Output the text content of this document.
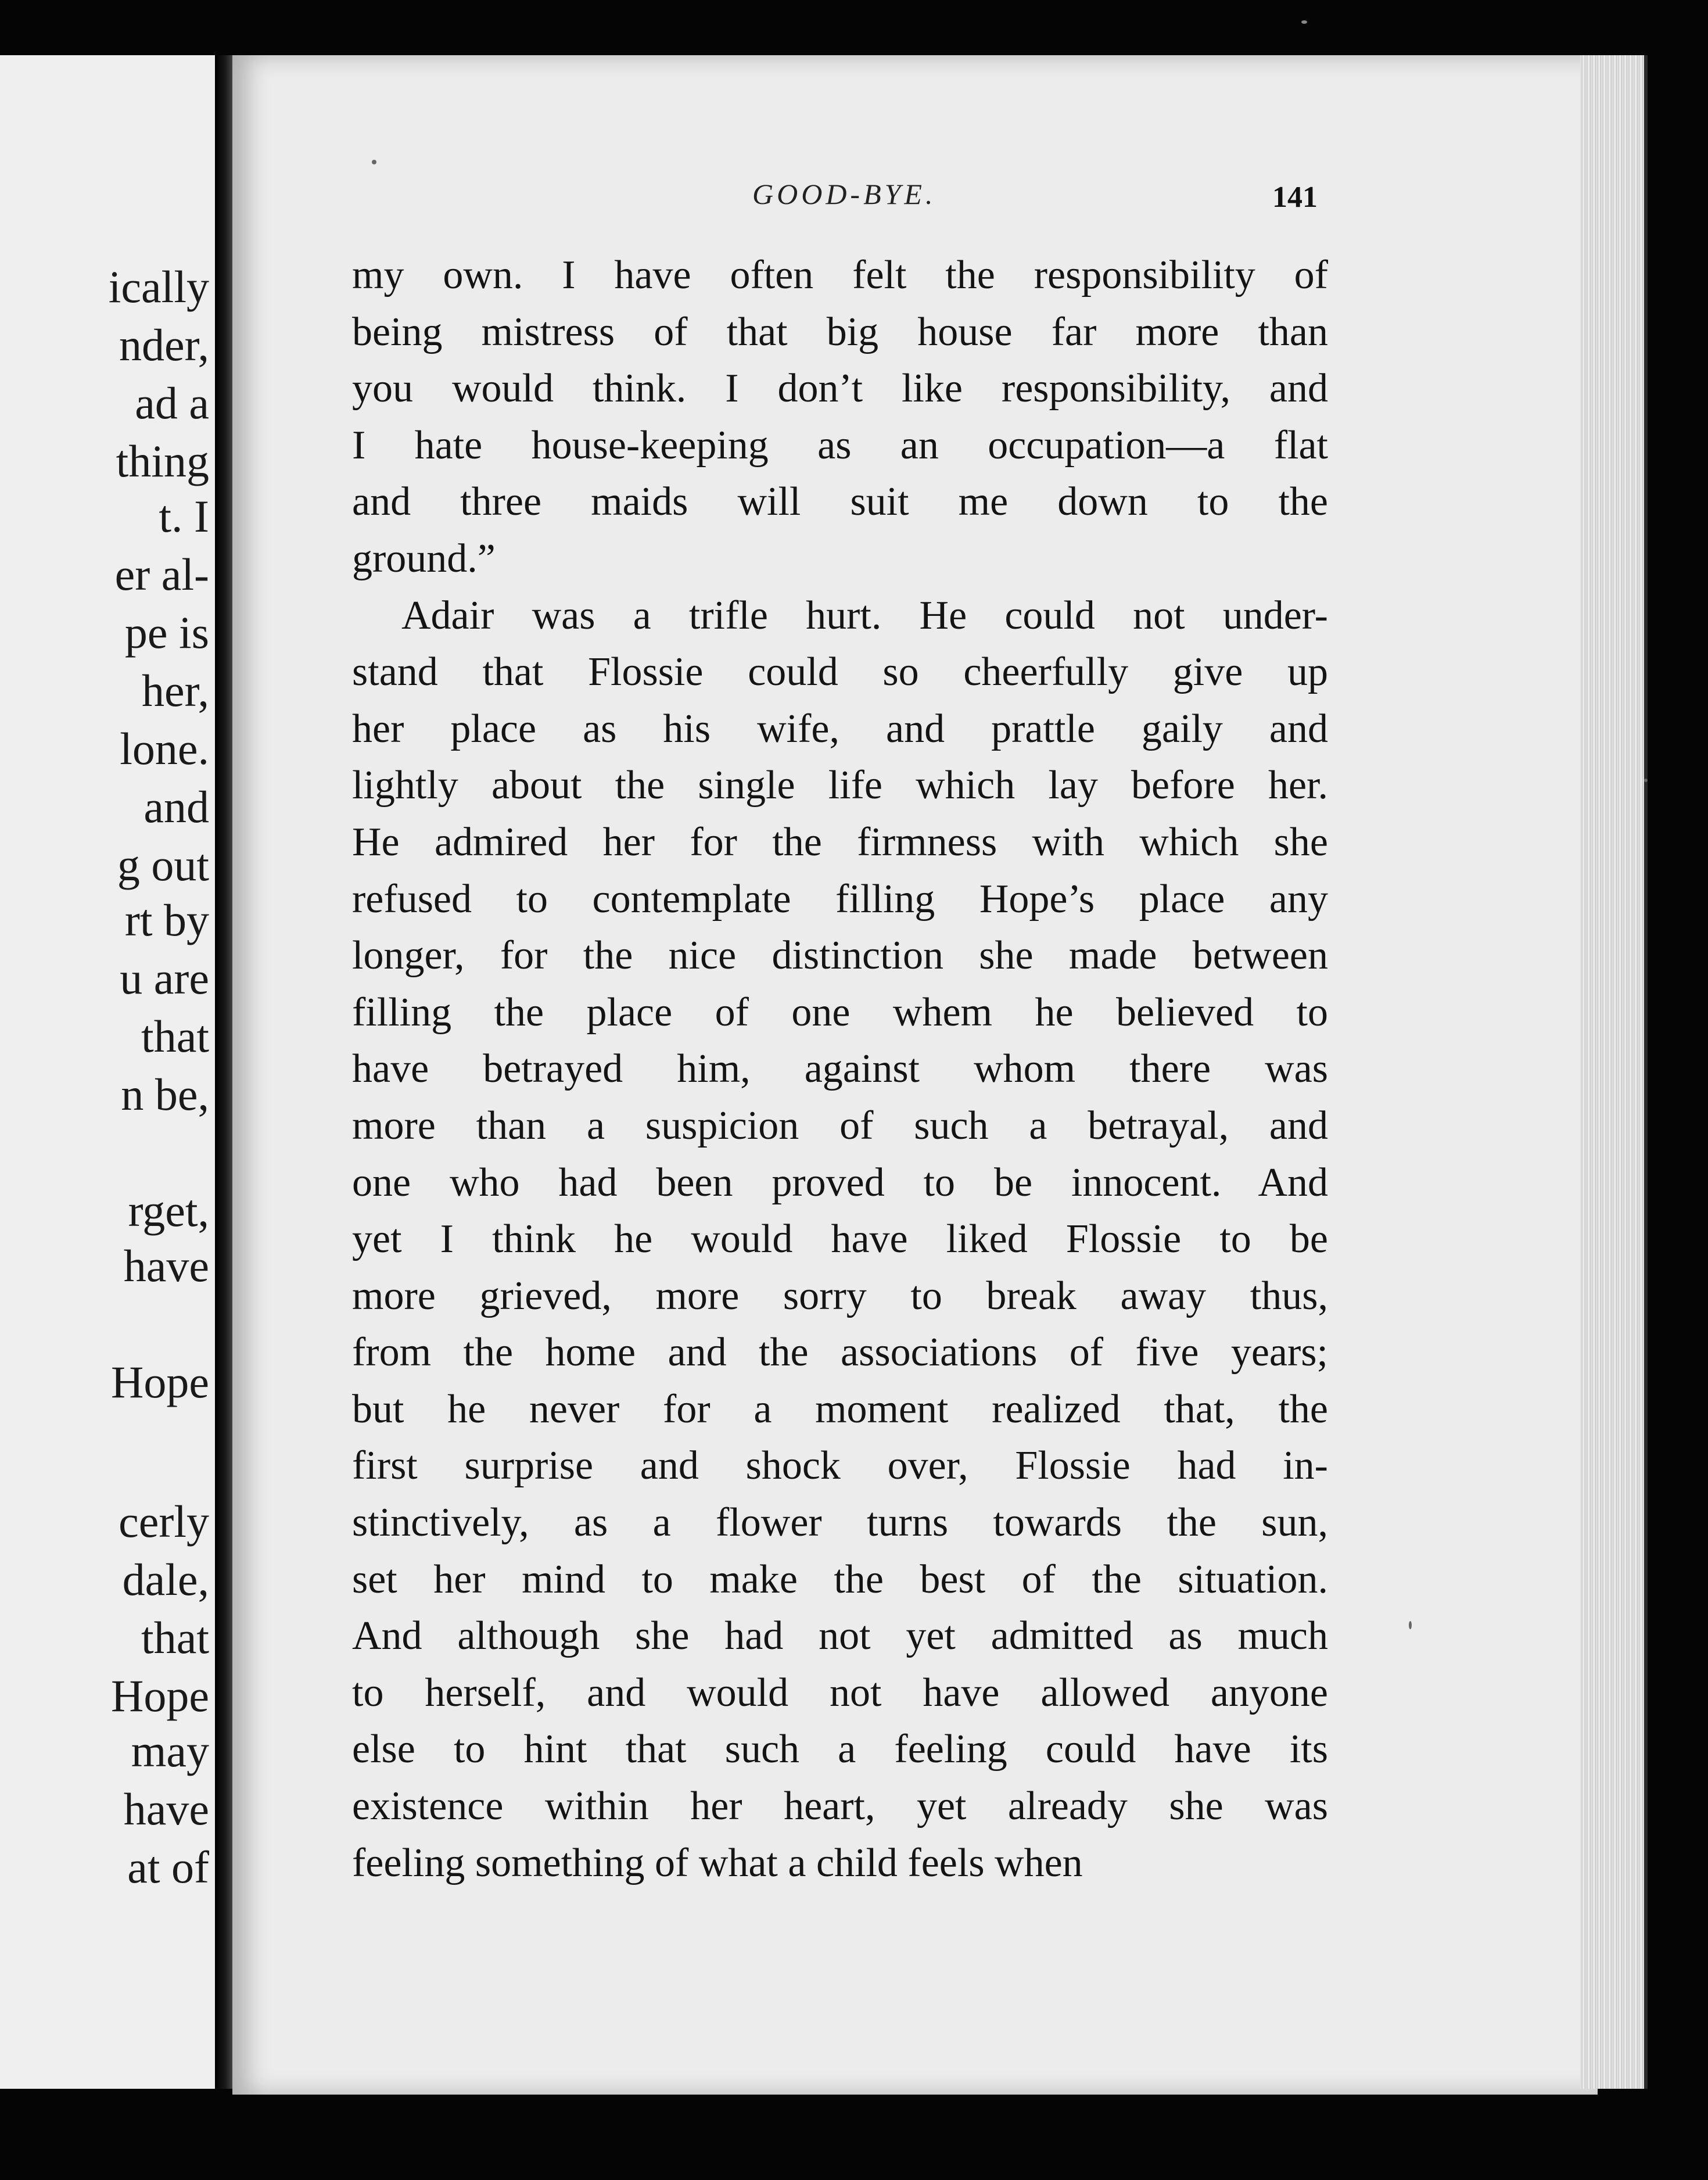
ically

nder,

ad a

thing

t. I

er al-

pe is

her,

lone.

and

g out

rt by

u are

that

n be,

rget,

have

Hope

cerly

dale,

that

Hope

may

have

at of

GOOD-BYE.	141

my own. I have often felt the responsibility of
being mistress of that big house far more than
you would think. I don’t like responsibility, and
I hate house-keeping as an occupation—a flat
and three maids will suit me down to the
ground.”
Adair was a trifle hurt. He could not under-
stand that Flossie could so cheerfully give up
her place as his wife, and prattle gaily and
lightly about the single life which lay before her.
He admired her for the firmness with which she
refused to contemplate filling Hope’s place any
longer, for the nice distinction she made between
filling the place of one whem he believed to
have betrayed him, against whom there was
more than a suspicion of such a betrayal, and
one who had been proved to be innocent. And
yet I think he would have liked Flossie to be
more grieved, more sorry to break away thus,
from the home and the associations of five years;
but he never for a moment realized that, the
first surprise and shock over, Flossie had in-
stinctively, as a flower turns towards the sun,
set her mind to make the best of the situation.
And although she had not yet admitted as much
to herself, and would not have allowed anyone
else to hint that such a feeling could have its
existence within her heart, yet already she was
feeling something of what a child feels when
